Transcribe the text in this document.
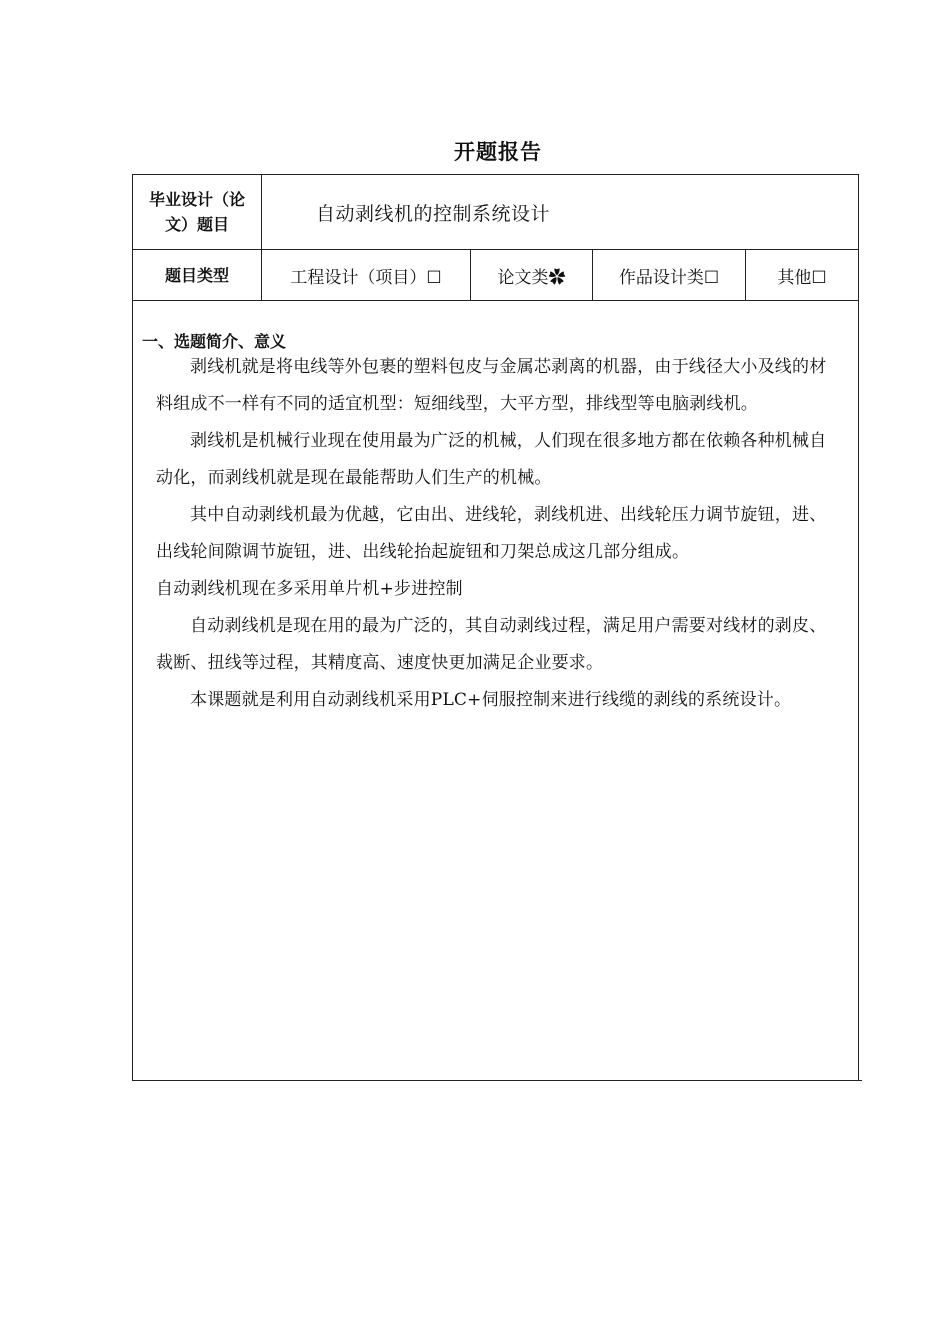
开题报告
毕业设计（论文）题目	自动剥线机的控制系统设计
题目类型	工程设计（项目）☐	论文类✿	作品设计类☐	其他☐
一、选题简介、意义

剥线机就是将电线等外包裹的塑料包皮与金属芯剥离的机器，由于线径大小及线的材料组成不一样有不同的适宜机型：短细线型，大平方型，排线型等电脑剥线机。

剥线机是机械行业现在使用最为广泛的机械，人们现在很多地方都在依赖各种机械自动化，而剥线机就是现在最能帮助人们生产的机械。

其中自动剥线机最为优越，它由出、进线轮，剥线机进、出线轮压力调节旋钮，进、出线轮间隙调节旋钮，进、出线轮抬起旋钮和刀架总成这几部分组成。

自动剥线机现在多采用单片机+步进控制

自动剥线机是现在用的最为广泛的，其自动剥线过程，满足用户需要对线材的剥皮、裁断、扭线等过程，其精度高、速度快更加满足企业要求。

本课题就是利用自动剥线机采用PLC+伺服控制来进行线缆的剥线的系统设计。
